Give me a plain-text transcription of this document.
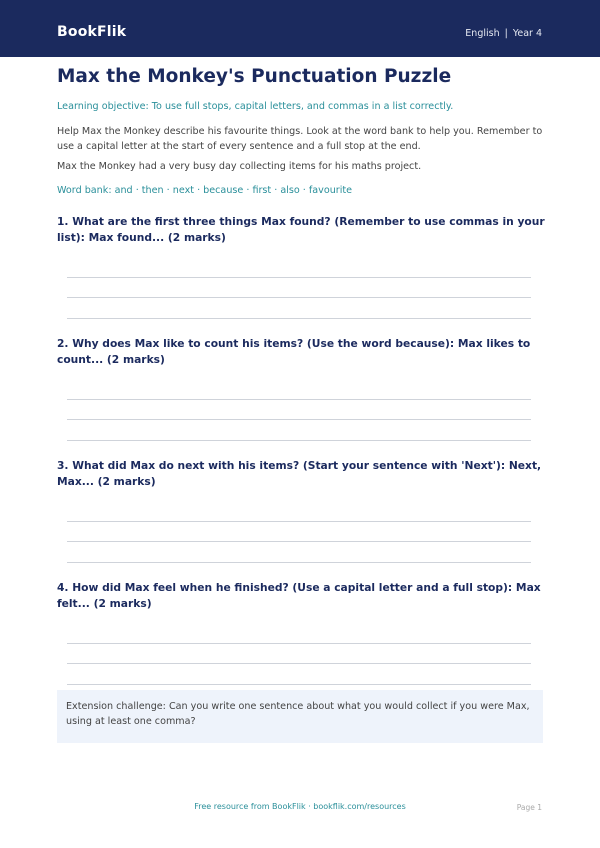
BookFlik	English | Year 4
Max the Monkey's Punctuation Puzzle

Learning objective: To use full stops, capital letters, and commas in a list correctly.

Help Max the Monkey describe his favourite things. Look at the word bank to help you. Remember to use a capital letter at the start of every sentence and a full stop at the end.

Max the Monkey had a very busy day collecting items for his maths project.

Word bank: and · then · next · because · first · also · favourite

1. What are the first three things Max found? (Remember to use commas in your list): Max found... (2 marks)

2. Why does Max like to count his items? (Use the word because): Max likes to count... (2 marks)

3. What did Max do next with his items? (Start your sentence with 'Next'): Next, Max... (2 marks)

4. How did Max feel when he finished? (Use a capital letter and a full stop): Max felt... (2 marks)

Extension challenge: Can you write one sentence about what you would collect if you were Max, using at least one comma?
Free resource from BookFlik · bookflik.com/resources	Page 1
